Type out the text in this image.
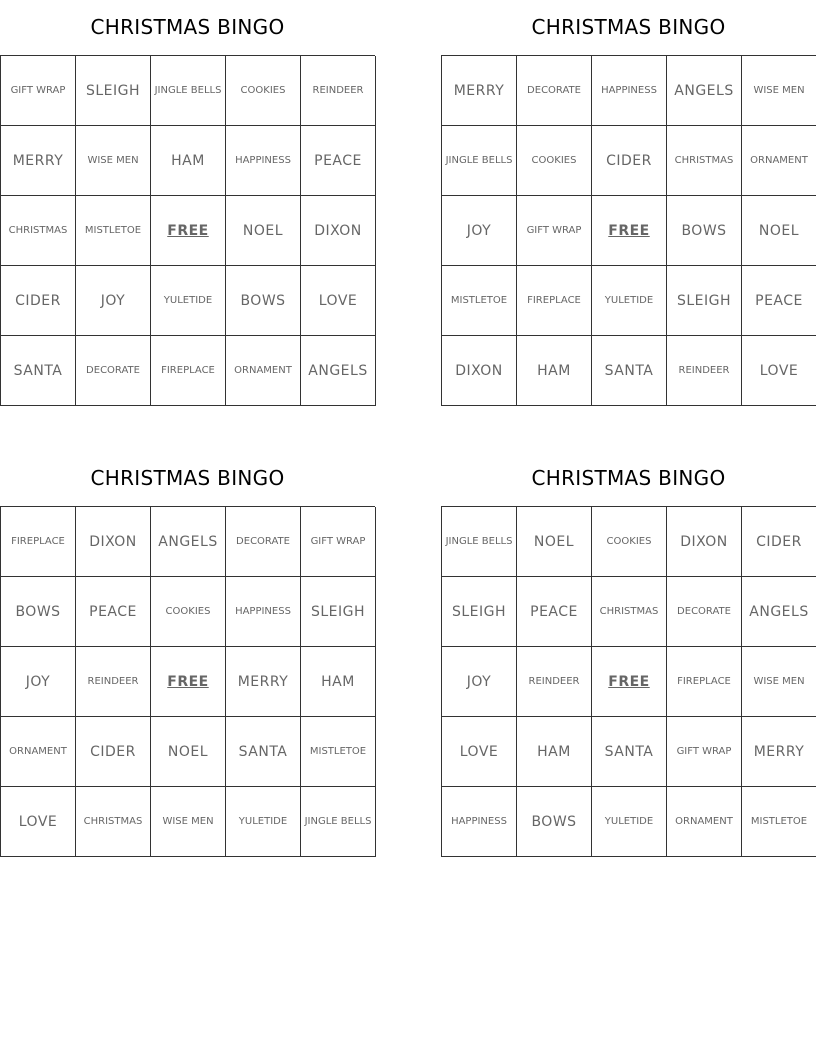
CHRISTMAS BINGO
GIFT WRAP	SLEIGH	JINGLE BELLS	COOKIES	REINDEER
MERRY	WISE MEN	HAM	HAPPINESS	PEACE
CHRISTMAS	MISTLETOE	FREE	NOEL	DIXON
CIDER	JOY	YULETIDE	BOWS	LOVE
SANTA	DECORATE	FIREPLACE	ORNAMENT	ANGELS
CHRISTMAS BINGO
MERRY	DECORATE	HAPPINESS	ANGELS	WISE MEN
JINGLE BELLS	COOKIES	CIDER	CHRISTMAS	ORNAMENT
JOY	GIFT WRAP	FREE	BOWS	NOEL
MISTLETOE	FIREPLACE	YULETIDE	SLEIGH	PEACE
DIXON	HAM	SANTA	REINDEER	LOVE
CHRISTMAS BINGO
FIREPLACE	DIXON	ANGELS	DECORATE	GIFT WRAP
BOWS	PEACE	COOKIES	HAPPINESS	SLEIGH
JOY	REINDEER	FREE	MERRY	HAM
ORNAMENT	CIDER	NOEL	SANTA	MISTLETOE
LOVE	CHRISTMAS	WISE MEN	YULETIDE	JINGLE BELLS
CHRISTMAS BINGO
JINGLE BELLS	NOEL	COOKIES	DIXON	CIDER
SLEIGH	PEACE	CHRISTMAS	DECORATE	ANGELS
JOY	REINDEER	FREE	FIREPLACE	WISE MEN
LOVE	HAM	SANTA	GIFT WRAP	MERRY
HAPPINESS	BOWS	YULETIDE	ORNAMENT	MISTLETOE
